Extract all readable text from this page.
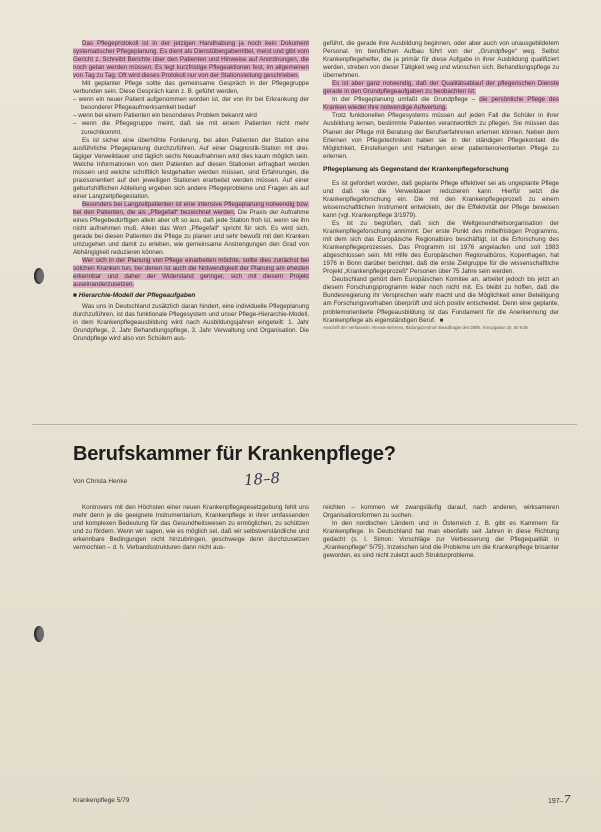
Das Pflegeprotokoll ist in der jetzigen Handhabung ja noch kein Dokument systematischer Pflegeplanung. Es dient als Dienstübergabemittel, meist und gibt vom Gericht z. Schreibt Berichte über den Patienten und Hinweise auf Anordnungen, die noch getan werden müssen. Es legt kurzfristige Pflegeaktionen fest, im allgemeinen von Tag zu Tag. Oft wird dieses Protokoll nur von der Stationsleitung geschrieben.

Mit geplanter Pflege sollte das gemeinsame Gespräch in der Pflegegruppe verbunden sein. Diese Gespräch kann z. B. geführt werden,

– wenn ein neuer Patient aufgenommen worden ist, der von ihr bei Erkrankung der besonderer Pflegeaufmerksamkeit bedarf

– wenn bei einem Patienten ein besonderes Problem bekannt wird

– wenn die Pflegegruppe meint, daß sie mit einem Patienten nicht mehr zurechtkommt.

Es ist sicher eine überhöhte Forderung, bei allen Patienten der Station eine ausführliche Pflegeplanung durchzuführen. Auf einer Diagnostik-Station mit drei-tägiger Verweildauer und täglich sechs Neuaufnahmen wird dies kaum möglich sein. Welche Informationen von dem Patienten auf diesen Stationen erfragbart werden müssen und welche schriftlich festgehalten werden müssen, sind Erfahrungen, die praxisorientiert auf den jeweiligen Stationen erarbeitet werden müssen. Auf einer geburtshilflichen Abteilung ergeben sich andere Pflegeprobleme und Fragen als auf einer Langzeitpflegestation.

Besonders bei Langzeitpatienten ist eine intensive Pflegeplanung notwendig bzw. bei den Patienten, die als „Pflegefall“ bezeichnet werden. Die Praxis der Aufnahme eines Pflegebedürftigen allein aber oft so aus, daß jede Station froh ist, wenn sie ihn nicht aufnehmen muß. Allein das Wort „Pflegefall“ spricht für sich. Es wird sich, gerade bei diesen Patienten die Pflege zu planen und sehr bewußt mit den Kranken umzugehen und damit zu erleben, wie gemeinsame Anstrengungen den Grad von Abhängigkeit reduzieren können.

Wer sich in der Planung von Pflege einarbeiten möchte, sollte dies zunächst bei solchen Kranken tun, bei denen ist auch die Notwendigkeit der Planung am ehesten erkennbar und daher der Widerstand geringer, sich mit diesem Projekt auseinanderzusetzen.

■ Hierarchie-Modell der Pflegeaufgaben

Was uns in Deutschland zusätzlich daran hindert, eine individuelle Pflegeplanung durchzuführen, ist das funktionale Pflegesystem und unser Pflege-Hierarchie-Modell, in dem Krankenpflegeausbildung wird nach Ausbildungsjahren eingeteilt: 1. Jahr Grundpflege, 2. Jahr Behandlungspflege, 3. Jahr Verwaltung und Organisation. Die Grundpflege wird also von Schülern aus-

geführt, die gerade ihre Ausbildung beginnen, oder aber auch von unausgebildetem Personal. Im beruflichen Aufbau führt von der „Grundpflege“ weg. Selbst Krankenpflegehelfer, die ja primär für diese Aufgabe in ihrer Ausbildung qualifiziert werden, streben von dieser Tätigkeit weg und wünschen sich, Behandlungspflege zu übernehmen.

Es ist aber ganz notwendig, daß der Qualitätsablauf der pflegerischen Dienste gerade in den Grundpflegeaufgaben zu beobachten ist.

In der Pflegeplanung umfaßt die Grundpflege – die persönliche Pflege des Kranken wieder ihre notwendige Aufwertung.

Trotz funktionellen Pflegesystems müssen auf jeden Fall die Schüler in ihrer Ausbildung lernen, bestimmte Patienten verantwortlich zu pflegen. Sie müssen das Planen der Pflege mit Beratung der Berufserfahrenen erlernen können. Neben dem Erlernen von Pflegetechniken haben sie in der ständigen Pflegekontakt die Möglichkeit, Einstellungen und Haltungen einer patientenorientierten Pflege zu erlernen.

Pflegeplanung als Gegenstand der Krankenpflegeforschung

Es ist gefordert worden, daß geplante Pflege effektiver sei als ungeplante Pflege und daß sie die Verweildauer reduzieren kann. Hierfür setzt die Krankenpflegeforschung ein. Die mit den Krankenpflegeprozeß zu einem wissenschaftlichen Instrument entwickeln, der die Effektivität der Pflege beweisen kann (vgl. Krankenpflege 3/1979).

Es ist zu begrüßen, daß sich die Weltgesundheitsorganisation der Krankenpflegeforschung annimmt. Der erste Punkt des mittelfristigen Programms, mit dem sich das Europäische Regionalbüro beschäftigt, ist die Erforschung des Krankenpflegeprozesses. Das Programm ist 1976 angelaufen und soll 1983 abgeschlossen sein. Mit Hilfe des Europäischen Regionalbüros, Kopenhagen, hat 1976 in Bonn darüber berichtet, daß die erste Zielgruppe für die wissenschaftliche Projekt „Krankenpflegeprozeß“ Personen über 75 Jahre sein werden.

Deutschland gehört dem Europäischen Komitee an, arbeitet jedoch bis jetzt an diesem Forschungsprogramm leider noch nicht mit. Es bleibt zu hoffen, daß die Bundesregierung ihr Versprechen wahr macht und die Möglichkeit einer Beteiligung am Forschungsvorhaben überprüft und sich positiv entscheidet. Denn eine geplante, problemorientierte Pflegeausbildung ist das Fundament für die Anerkennung der Krankenpflege als eigenständigen Beruf. ■

Anschrift der Verfasserin: Renate Behrens, Bildungszentrum Beauftragte des DBfK, Kreuzgasse 20, 50 Köln

Berufskammer für Krankenpflege?
Von Christa Henke	18–8

Kontrovers mit den Höchsten einer neuen Krankenpflegegesetzgebung fehlt uns mehr denn je die geeignete Instrumentarium, Krankenpflege in ihrer umfassenden und komplexen Bedeutung für das Gesundheitswesen zu ermöglichen, zu schützen und zu fördern. Wenn wir sagen, wie es möglich sei, daß wir selbstverständliche und erkennbare Bedingungen nicht hinzubringen, geschweige denn durchzusetzen vermochten – d. h. Verbandsstrukturen dann nicht aus-

reichten – kommen wir zwangsläufig darauf, nach anderen, wirksameren Organisationsformen zu suchen.

In den nordischen Ländern und in Österreich z. B. gibt es Kammern für Krankenpflege. In Deutschland hat man ebenfalls seit Jahren in diese Richtung gedacht (s. I. Simon: Vorschläge zur Verbesserung der Pflegequalität in „Krankenpflege“ 5/75). Inzwischen sind die Probleme um die Krankenpflege brisanter geworden, es sind nicht zuletzt auch Strukturprobleme.

Krankenpflege 5/79	197–7
